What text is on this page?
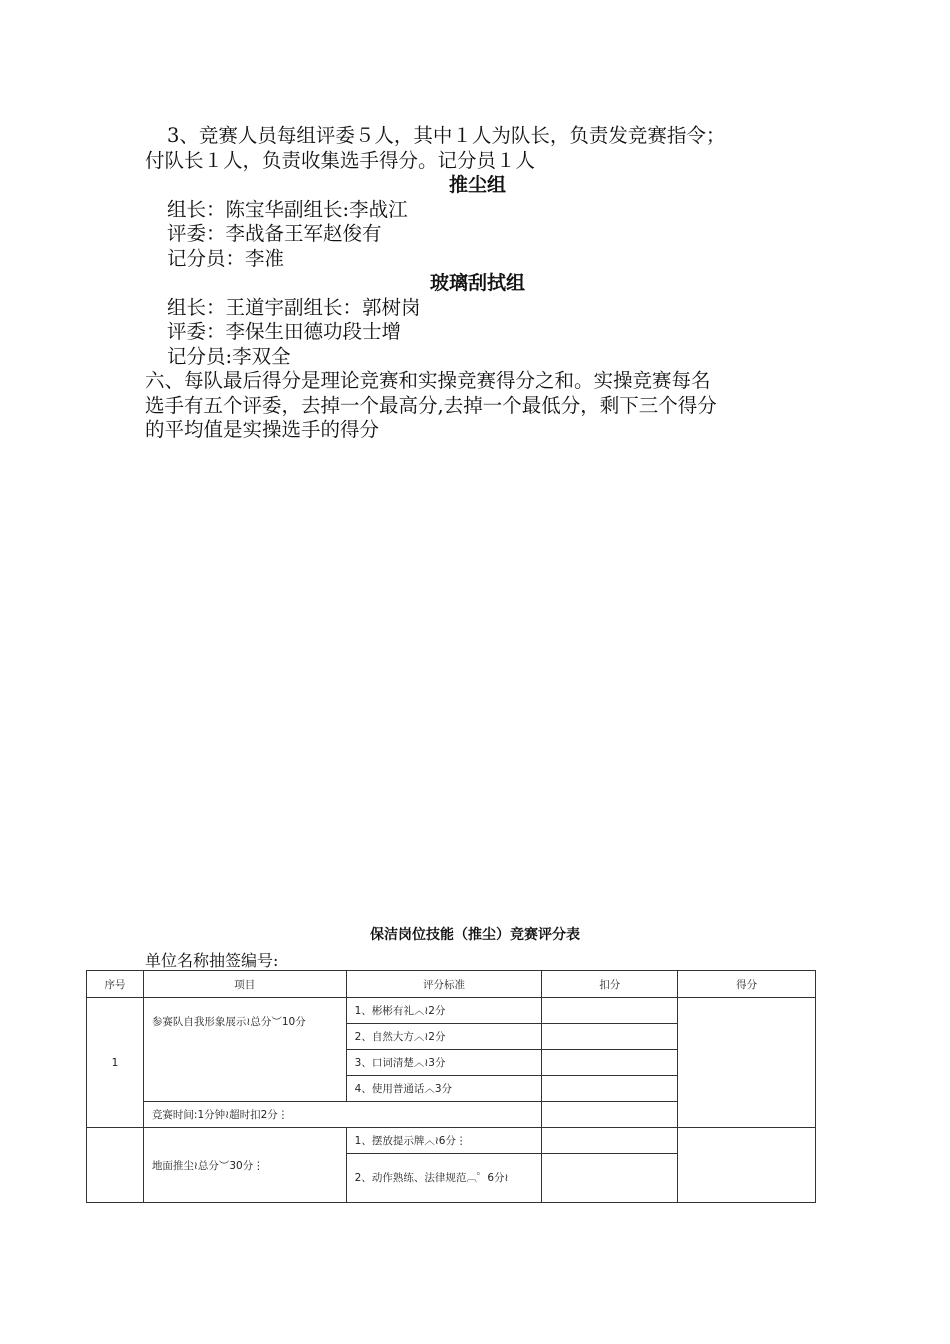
3、竞赛人员每组评委５人，其中１人为队长，负责发竞赛指令；

付队长１人，负责收集选手得分。记分员１人

推尘组

组长：陈宝华副组长:李战江

评委：李战备王军赵俊有

记分员：李准

玻璃刮拭组

组长：王道宇副组长：郭树岗

评委：李保生田德功段士增

记分员:李双全

六、每队最后得分是理论竞赛和实操竞赛得分之和。实操竞赛每名

选手有五个评委，去掉一个最高分,去掉一个最低分，剩下三个得分

的平均值是实操选手的得分

保洁岗位技能（推尘）竞赛评分表
单位名称抽签编号:
序号	项目	评分标准	扣分	得分
1	参赛队自我形象展示≀总分︶10分	1、彬彬有礼︿≀2分		
		2、自然大方︿≀2分		
		3、口词清楚︿≀3分		
		4、使用普通话︿3分		
	竞赛时间:1分钟≀超时扣2分⋮			
	地面推尘≀总分︶30分⋮	1、摆放提示牌︿≀6分⋮		
		2、动作熟练、法律规范︹゜6分≀		
